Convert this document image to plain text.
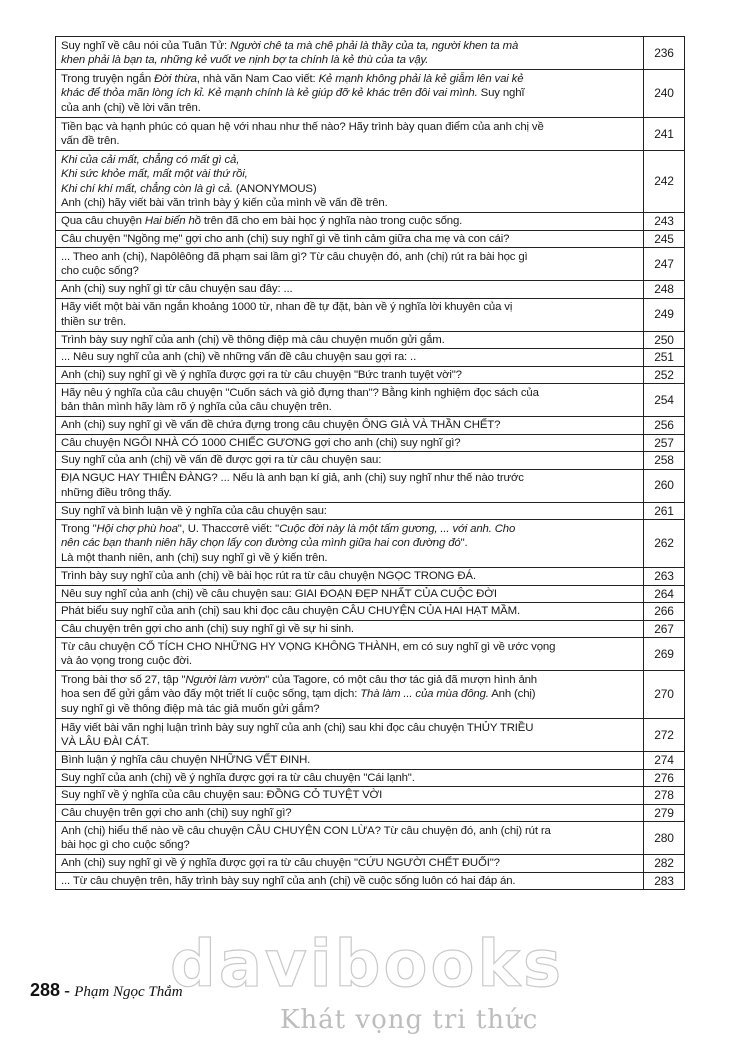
Suy nghĩ về câu nói của Tuân Tử: Người chê ta mà chê phải là thầy của ta, người khen ta mà
khen phải là bạn ta, những kẻ vuốt ve nịnh bợ ta chính là kẻ thù của ta vậy.	236

Trong truyện ngắn Đời thừa, nhà văn Nam Cao viết: Kẻ mạnh không phải là kẻ giẫm lên vai kẻ
khác để thỏa mãn lòng ích kỉ. Kẻ mạnh chính là kẻ giúp đỡ kẻ khác trên đôi vai mình. Suy nghĩ
của anh (chị) về lời văn trên.	240

Tiền bạc và hạnh phúc có quan hệ với nhau như thế nào? Hãy trình bày quan điểm của anh chị về
vấn đề trên.	241

Khi của cải mất, chẳng có mất gì cả,
Khi sức khỏe mất, mất một vài thứ rồi,
Khi chí khí mất, chẳng còn là gì cả. (ANONYMOUS)
Anh (chị) hãy viết bài văn trình bày ý kiến của mình về vấn đề trên.	242

Qua câu chuyện Hai biển hồ trên đã cho em bài học ý nghĩa nào trong cuộc sống.	243

Câu chuyện "Ngồng mẹ" gợi cho anh (chị) suy nghĩ gì về tình cảm giữa cha mẹ và con cái?	245

... Theo anh (chị), Napôlêông đã phạm sai lầm gì? Từ câu chuyện đó, anh (chị) rút ra bài học gì
cho cuộc sống?	247

Anh (chị) suy nghĩ gì từ câu chuyện sau đây: ...	248

Hãy viết một bài văn ngắn khoảng 1000 từ, nhan đề tự đặt, bàn về ý nghĩa lời khuyên của vị
thiền sư trên.	249

Trình bày suy nghĩ của anh (chị) về thông điệp mà câu chuyện muốn gửi gắm.	250

... Nêu suy nghĩ của anh (chị) về những vấn đề câu chuyện sau gợi ra: ..	251

Anh (chị) suy nghĩ gì về ý nghĩa được gợi ra từ câu chuyện "Bức tranh tuyệt vời"?	252

Hãy nêu ý nghĩa của câu chuyện "Cuốn sách và giỏ đựng than"? Bằng kinh nghiệm đọc sách của
bản thân mình hãy làm rõ ý nghĩa của câu chuyện trên.	254

Anh (chị) suy nghĩ gì về vấn đề chứa đựng trong câu chuyện ÔNG GIÀ VÀ THẦN CHẾT?	256

Câu chuyện NGÔI NHÀ CÓ 1000 CHIẾC GƯƠNG gợi cho anh (chị) suy nghĩ gì?	257

Suy nghĩ của anh (chị) về vấn đề được gợi ra từ câu chuyện sau:	258

ĐỊA NGỤC HAY THIÊN ĐÀNG? ... Nếu là anh bạn kí giả, anh (chị) suy nghĩ như thế nào trước
những điều trông thấy.	260

Suy nghĩ và bình luận về ý nghĩa của câu chuyện sau:	261

Trong "Hội chợ phù hoa", U. Thaccơrê viết: "Cuộc đời này là một tấm gương, ... với anh. Cho
nên các bạn thanh niên hãy chọn lấy con đường của mình giữa hai con đường đó".
Là một thanh niên, anh (chị) suy nghĩ gì về ý kiến trên.	262

Trình bày suy nghĩ của anh (chị) về bài học rút ra từ câu chuyện NGỌC TRONG ĐÁ.	263

Nêu suy nghĩ của anh (chị) về câu chuyện sau: GIAI ĐOẠN ĐẸP NHẤT CỦA CUỘC ĐỜI	264

Phát biểu suy nghĩ của anh (chị) sau khi đọc câu chuyện CÂU CHUYỆN CỦA HAI HẠT MẦM.	266

Câu chuyện trên gợi cho anh (chị) suy nghĩ gì về sự hi sinh.	267

Từ câu chuyện CỔ TÍCH CHO NHỮNG HY VỌNG KHÔNG THÀNH, em có suy nghĩ gì về ước vọng
và ảo vọng trong cuộc đời.	269

Trong bài thơ số 27, tập "Người làm vườn" của Tagore, có một câu thơ tác giả đã mượn hình ảnh
hoa sen để gửi gắm vào đấy một triết lí cuộc sống, tạm dịch: Thà làm ... của mùa đông. Anh (chị)
suy nghĩ gì về thông điệp mà tác giả muốn gửi gắm?	270

Hãy viết bài văn nghị luận trình bày suy nghĩ của anh (chị) sau khi đọc câu chuyện THỦY TRIỀU
VÀ LÂU ĐÀI CÁT.	272

Bình luận ý nghĩa câu chuyện NHỮNG VẾT ĐINH.	274

Suy nghĩ của anh (chị) về ý nghĩa được gợi ra từ câu chuyện "Cái lạnh".	276

Suy nghĩ về ý nghĩa của câu chuyện sau: ĐỒNG CỎ TUYỆT VỜI	278

Câu chuyện trên gợi cho anh (chị) suy nghĩ gì?	279

Anh (chị) hiểu thế nào về câu chuyện CÂU CHUYỆN CON LỪA? Từ câu chuyện đó, anh (chị) rút ra
bài học gì cho cuộc sống?	280

Anh (chị) suy nghĩ gì về ý nghĩa được gợi ra từ câu chuyện "CỨU NGƯỜI CHẾT ĐUỐI"?	282

... Từ câu chuyện trên, hãy trình bày suy nghĩ của anh (chị) về cuộc sống luôn có hai đáp án.	283
288 - Phạm Ngọc Thắm
davibooks
Khát vọng tri thức
